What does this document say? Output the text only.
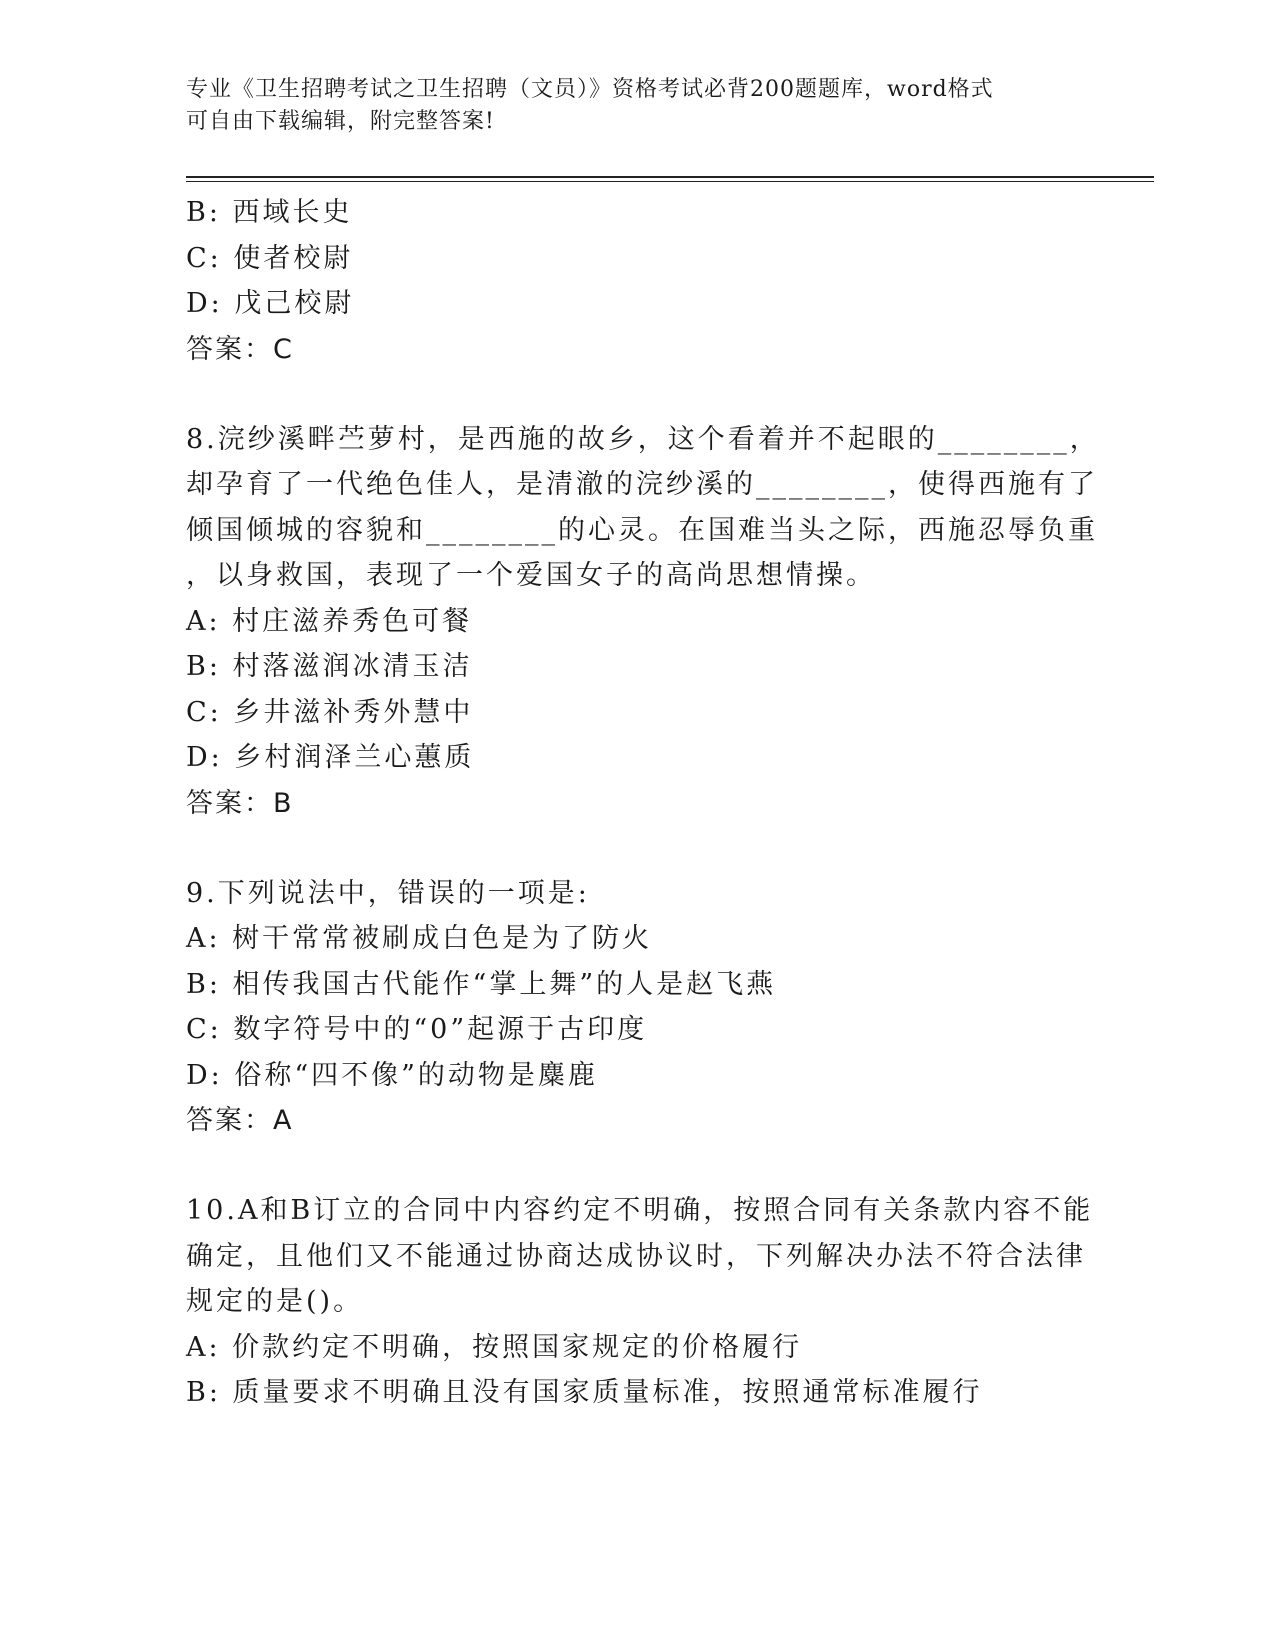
专业《卫生招聘考试之卫生招聘（文员）》资格考试必背200题题库，word格式
可自由下载编辑，附完整答案!
B: 西域长史
C: 使者校尉
D: 戊己校尉
答案：C
8.浣纱溪畔苎萝村，是西施的故乡，这个看着并不起眼的________，
却孕育了一代绝色佳人，是清澈的浣纱溪的________，使得西施有了
倾国倾城的容貌和________的心灵。在国难当头之际，西施忍辱负重
，以身救国，表现了一个爱国女子的高尚思想情操。
A: 村庄滋养秀色可餐
B: 村落滋润冰清玉洁
C: 乡井滋补秀外慧中
D: 乡村润泽兰心蕙质
答案：B
9.下列说法中，错误的一项是:
A: 树干常常被刷成白色是为了防火
B: 相传我国古代能作“掌上舞”的人是赵飞燕
C: 数字符号中的“0”起源于古印度
D: 俗称“四不像”的动物是麋鹿
答案：A
10.A和B订立的合同中内容约定不明确，按照合同有关条款内容不能
确定，且他们又不能通过协商达成协议时，下列解决办法不符合法律
规定的是()。
A: 价款约定不明确，按照国家规定的价格履行
B: 质量要求不明确且没有国家质量标准，按照通常标准履行
